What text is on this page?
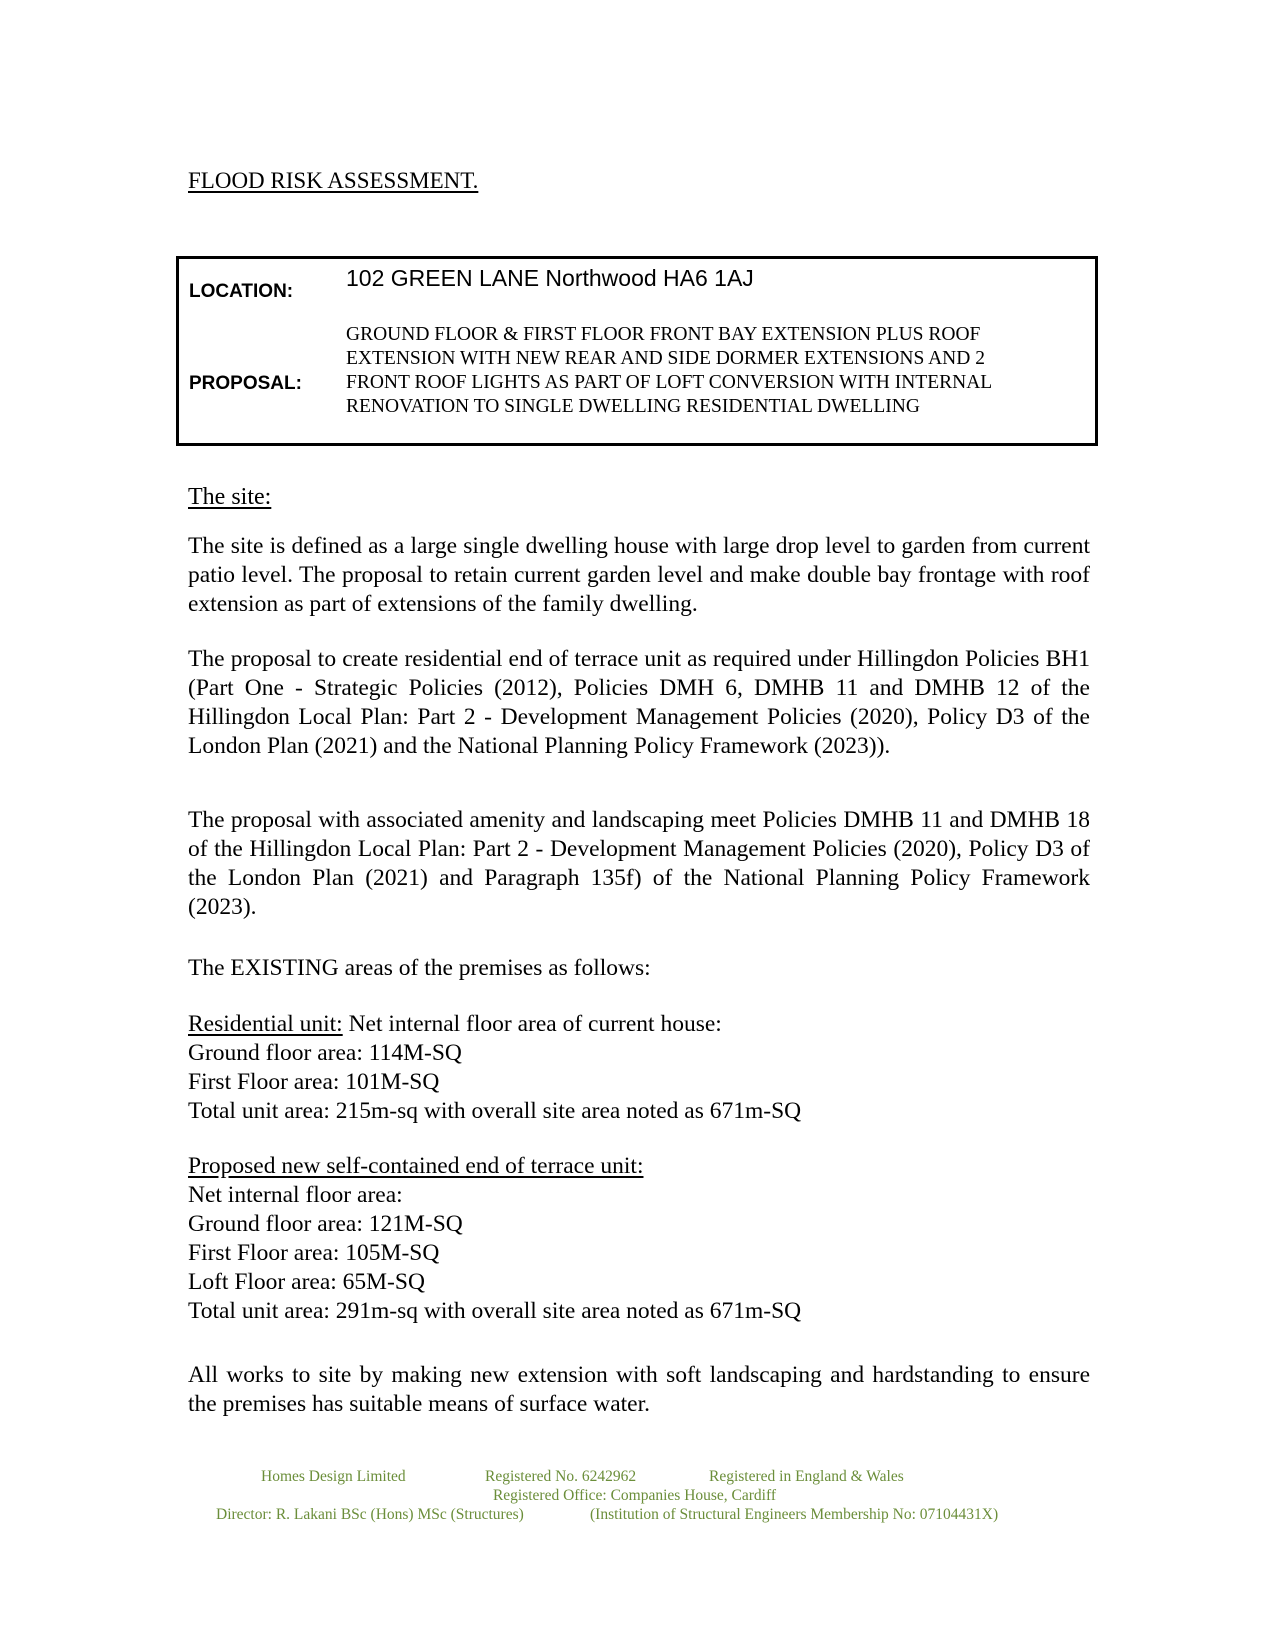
FLOOD RISK ASSESSMENT.
LOCATION:
102 GREEN LANE Northwood HA6 1AJ
PROPOSAL:
GROUND FLOOR & FIRST FLOOR FRONT BAY EXTENSION PLUS ROOF
EXTENSION WITH NEW REAR AND SIDE DORMER EXTENSIONS AND 2
FRONT ROOF LIGHTS AS PART OF LOFT CONVERSION WITH INTERNAL
RENOVATION TO SINGLE DWELLING RESIDENTIAL DWELLING
The site:
The site is defined as a large single dwelling house with large drop level to garden from current patio level. The proposal to retain current garden level and make double bay frontage with roof extension as part of extensions of the family dwelling.
The proposal to create residential end of terrace unit as required under Hillingdon Policies BH1 (Part One - Strategic Policies (2012), Policies DMH 6, DMHB 11 and DMHB 12 of the Hillingdon Local Plan: Part 2 - Development Management Policies (2020), Policy D3 of the London Plan (2021) and the National Planning Policy Framework (2023)).
The proposal with associated amenity and landscaping meet Policies DMHB 11 and DMHB 18 of the Hillingdon Local Plan: Part 2 - Development Management Policies (2020), Policy D3 of the London Plan (2021) and Paragraph 135f) of the National Planning Policy Framework (2023).
The EXISTING areas of the premises as follows:
Residential unit: Net internal floor area of current house:
Ground floor area: 114M-SQ
First Floor area: 101M-SQ
Total unit area: 215m-sq with overall site area noted as 671m-SQ
Proposed new self-contained end of terrace unit:
Net internal floor area:
Ground floor area: 121M-SQ
First Floor area: 105M-SQ
Loft Floor area: 65M-SQ
Total unit area: 291m-sq with overall site area noted as 671m-SQ
All works to site by making new extension with soft landscaping and hardstanding to ensure the premises has suitable means of surface water.
Homes Design Limited	Registered No. 6242962	Registered in England & Wales
Registered Office: Companies House, Cardiff
Director: R. Lakani BSc (Hons) MSc (Structures)	(Institution of Structural Engineers Membership No: 07104431X)
